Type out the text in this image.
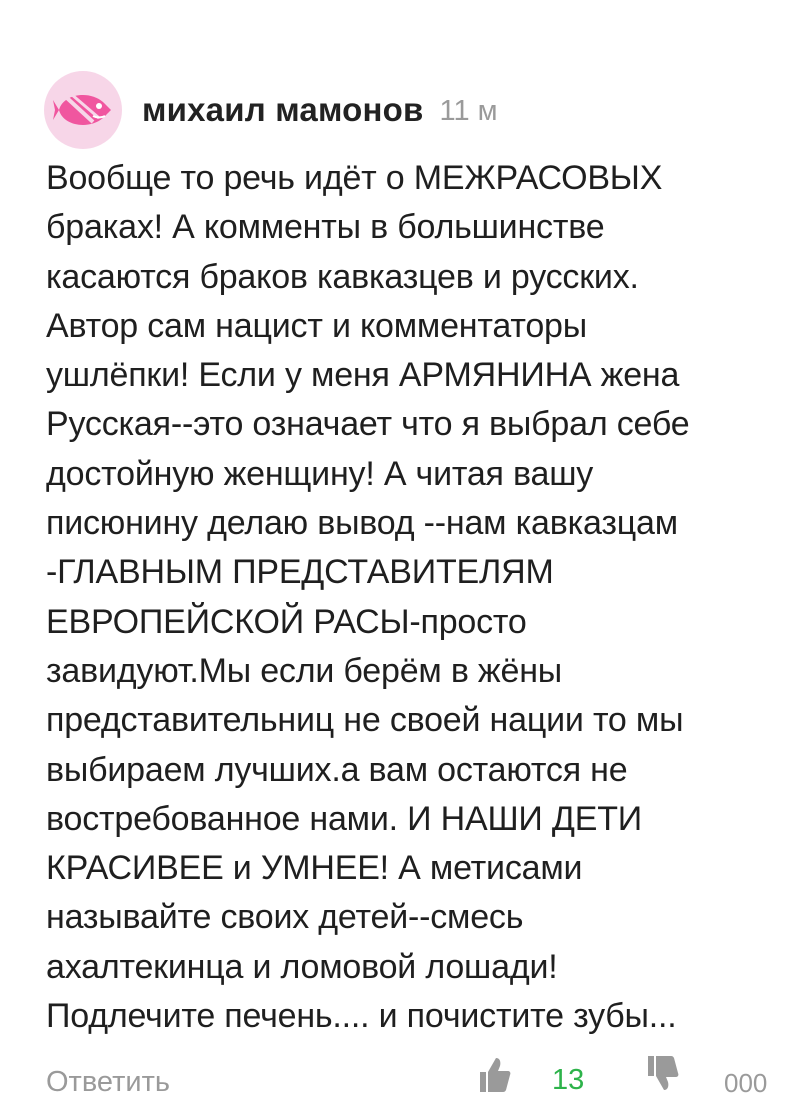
михаил мамонов 11 м

Вообще то речь идёт о МЕЖРАСОВЫХ
браках! А комменты в большинстве
касаются браков кавказцев и русских.
Автор сам нацист и комментаторы
ушлёпки! Если у меня АРМЯНИНА жена
Русская--это означает что я выбрал себе
достойную женщину! А читая вашу
писюнину делаю вывод --нам кавказцам
-ГЛАВНЫМ ПРЕДСТАВИТЕЛЯМ
ЕВРОПЕЙСКОЙ РАСЫ-просто
завидуют.Мы если берём в жёны
представительниц не своей нации то мы
выбираем лучших.а вам остаются не
востребованное нами. И НАШИ ДЕТИ
КРАСИВЕЕ и УМНЕЕ! А метисами
называйте своих детей--смесь
ахалтекинца и ломовой лошади!
Подлечите печень.... и почистите зубы...

Ответить	13	000
